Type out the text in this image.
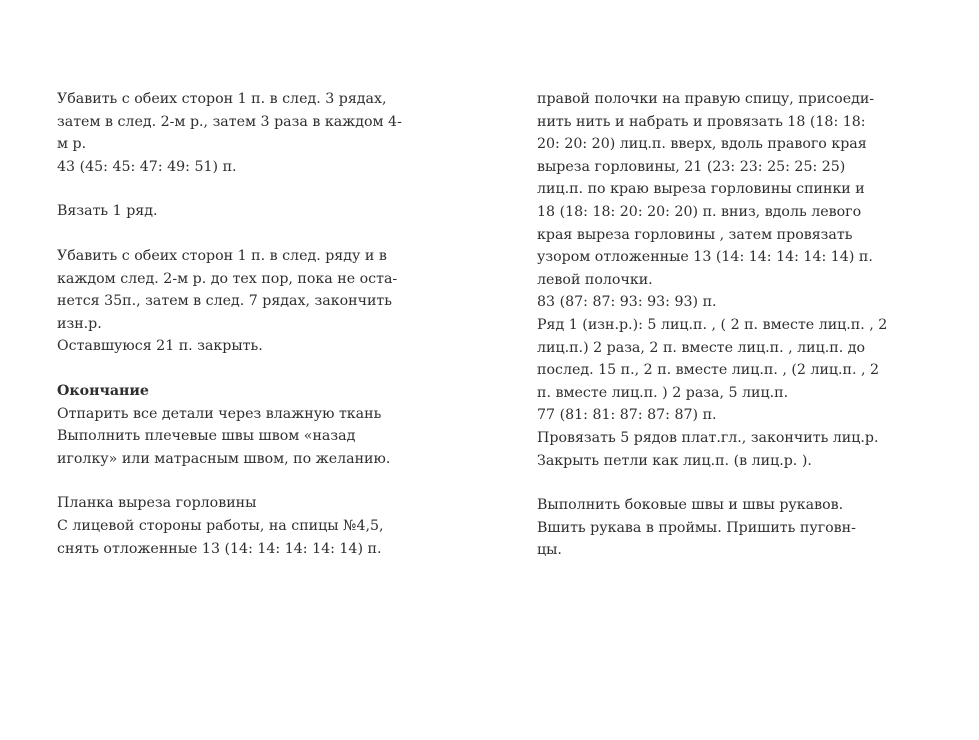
Убавить с обеих сторон 1 п. в след. 3 рядах,
затем в след. 2-м р., затем 3 раза в каждом 4-
м р.
43 (45: 45: 47: 49: 51) п.
Вязать 1 ряд.
Убавить с обеих сторон 1 п. в след. ряду и в
каждом след. 2-м р. до тех пор, пока не оста-
нется 35п., затем в след. 7 рядах, закончить
изн.р.
Оставшуюся 21 п. закрыть.
Окончание
Отпарить все детали через влажную ткань
Выполнить плечевые швы швом «назад
иголку» или матрасным швом, по желанию.
Планка выреза горловины
С лицевой стороны работы, на спицы №4,5,
снять отложенные 13 (14: 14: 14: 14: 14) п.
правой полочки на правую спицу, присоеди-
нить нить и набрать и провязать 18 (18: 18:
20: 20: 20) лиц.п. вверх, вдоль правого края
выреза горловины, 21 (23: 23: 25: 25: 25)
лиц.п. по краю выреза горловины спинки и
18 (18: 18: 20: 20: 20) п. вниз, вдоль левого
края выреза горловины , затем провязать
узором отложенные 13 (14: 14: 14: 14: 14) п.
левой полочки.
83 (87: 87: 93: 93: 93) п.
Ряд 1 (изн.р.): 5 лиц.п. , ( 2 п. вместе лиц.п. , 2
лиц.п.) 2 раза, 2 п. вместе лиц.п. , лиц.п. до
послед. 15 п., 2 п. вместе лиц.п. , (2 лиц.п. , 2
п. вместе лиц.п. ) 2 раза, 5 лиц.п.
77 (81: 81: 87: 87: 87) п.
Провязать 5 рядов плат.гл., закончить лиц.р.
Закрыть петли как лиц.п. (в лиц.р. ).
Выполнить боковые швы и швы рукавов.
Вшить рукава в проймы. Пришить пуговн-
цы.
